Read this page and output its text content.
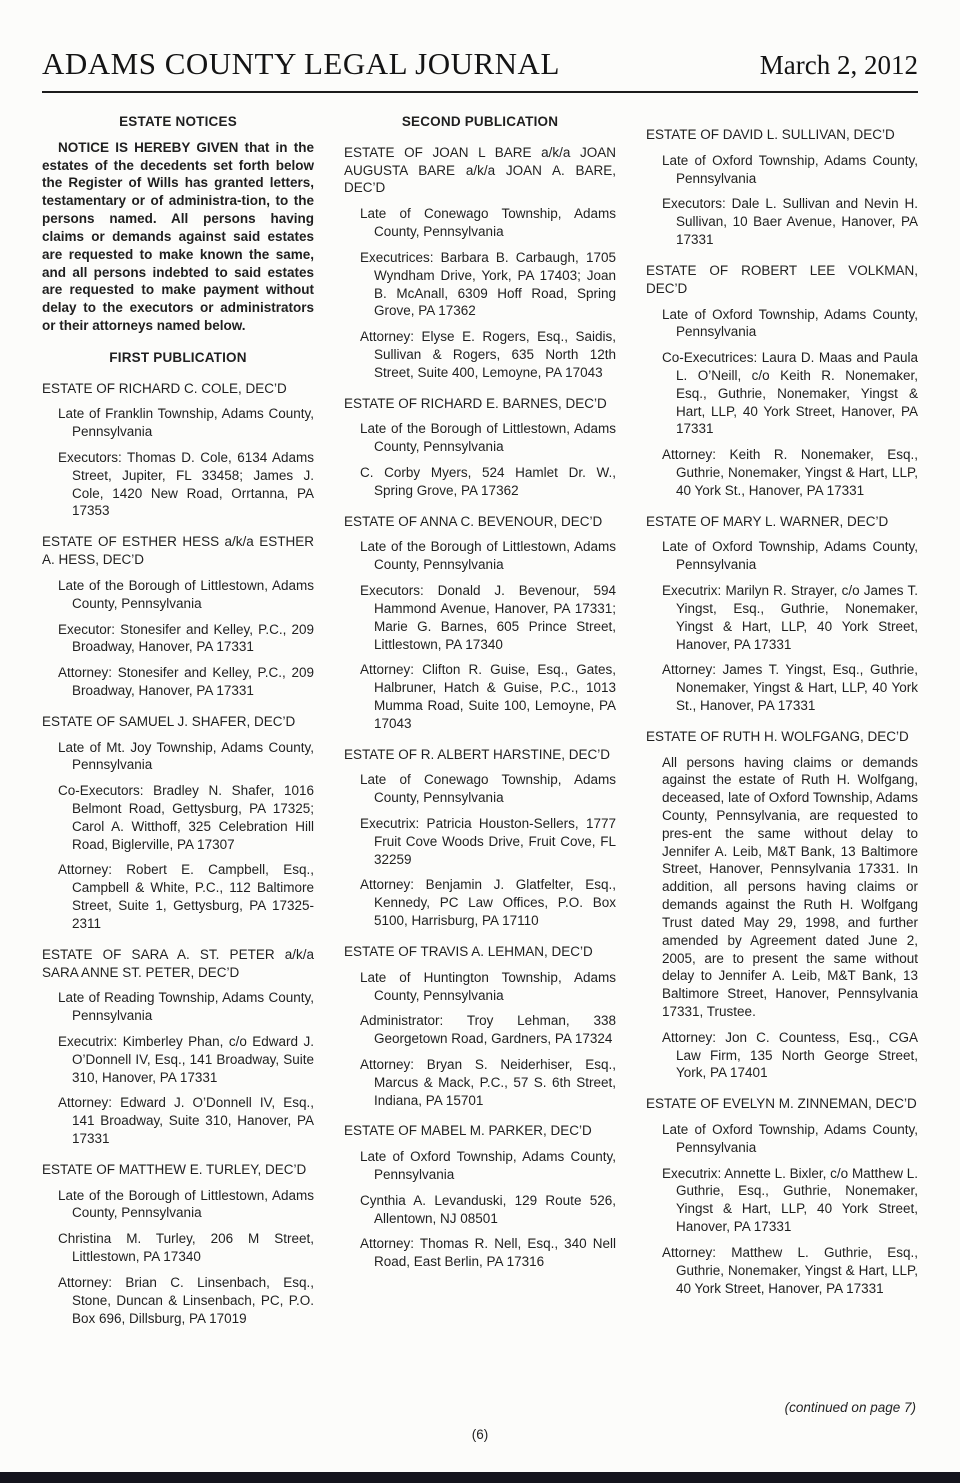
ADAMS COUNTY LEGAL JOURNAL	March 2, 2012
ESTATE NOTICES

NOTICE IS HEREBY GIVEN that in the estates of the decedents set forth below the Register of Wills has granted letters, testamentary or of administra-tion, to the persons named. All persons having claims or demands against said estates are requested to make known the same, and all persons indebted to said estates are requested to make payment without delay to the executors or administrators or their attorneys named below.

FIRST PUBLICATION
ESTATE OF RICHARD C. COLE, DEC’D

Late of Franklin Township, Adams County, Pennsylvania

Executors: Thomas D. Cole, 6134 Adams Street, Jupiter, FL 33458; James J. Cole, 1420 New Road, Orrtanna, PA 17353

ESTATE OF ESTHER HESS a/k/a ESTHER A. HESS, DEC’D

Late of the Borough of Littlestown, Adams County, Pennsylvania

Executor: Stonesifer and Kelley, P.C., 209 Broadway, Hanover, PA 17331

Attorney: Stonesifer and Kelley, P.C., 209 Broadway, Hanover, PA 17331

ESTATE OF SAMUEL J. SHAFER, DEC’D

Late of Mt. Joy Township, Adams County, Pennsylvania

Co-Executors: Bradley N. Shafer, 1016 Belmont Road, Gettysburg, PA 17325; Carol A. Witthoff, 325 Celebration Hill Road, Biglerville, PA 17307

Attorney: Robert E. Campbell, Esq., Campbell & White, P.C., 112 Baltimore Street, Suite 1, Gettysburg, PA 17325-2311

ESTATE OF SARA A. ST. PETER a/k/a SARA ANNE ST. PETER, DEC’D

Late of Reading Township, Adams County, Pennsylvania

Executrix: Kimberley Phan, c/o Edward J. O’Donnell IV, Esq., 141 Broadway, Suite 310, Hanover, PA 17331

Attorney: Edward J. O’Donnell IV, Esq., 141 Broadway, Suite 310, Hanover, PA 17331

ESTATE OF MATTHEW E. TURLEY, DEC’D

Late of the Borough of Littlestown, Adams County, Pennsylvania

Christina M. Turley, 206 M Street, Littlestown, PA 17340

Attorney: Brian C. Linsenbach, Esq., Stone, Duncan & Linsenbach, PC, P.O. Box 696, Dillsburg, PA 17019

SECOND PUBLICATION
ESTATE OF JOAN L BARE a/k/a JOAN AUGUSTA BARE a/k/a JOAN A. BARE, DEC’D

Late of Conewago Township, Adams County, Pennsylvania

Executrices: Barbara B. Carbaugh, 1705 Wyndham Drive, York, PA 17403; Joan B. McAnall, 6309 Hoff Road, Spring Grove, PA 17362

Attorney: Elyse E. Rogers, Esq., Saidis, Sullivan & Rogers, 635 North 12th Street, Suite 400, Lemoyne, PA 17043

ESTATE OF RICHARD E. BARNES, DEC’D

Late of the Borough of Littlestown, Adams County, Pennsylvania

C. Corby Myers, 524 Hamlet Dr. W., Spring Grove, PA 17362

ESTATE OF ANNA C. BEVENOUR, DEC’D

Late of the Borough of Littlestown, Adams County, Pennsylvania

Executors: Donald J. Bevenour, 594 Hammond Avenue, Hanover, PA 17331; Marie G. Barnes, 605 Prince Street, Littlestown, PA 17340

Attorney: Clifton R. Guise, Esq., Gates, Halbruner, Hatch & Guise, P.C., 1013 Mumma Road, Suite 100, Lemoyne, PA 17043

ESTATE OF R. ALBERT HARSTINE, DEC’D

Late of Conewago Township, Adams County, Pennsylvania

Executrix: Patricia Houston-Sellers, 1777 Fruit Cove Woods Drive, Fruit Cove, FL 32259

Attorney: Benjamin J. Glatfelter, Esq., Kennedy, PC Law Offices, P.O. Box 5100, Harrisburg, PA 17110

ESTATE OF TRAVIS A. LEHMAN, DEC’D

Late of Huntington Township, Adams County, Pennsylvania

Administrator: Troy Lehman, 338 Georgetown Road, Gardners, PA 17324

Attorney: Bryan S. Neiderhiser, Esq., Marcus & Mack, P.C., 57 S. 6th Street, Indiana, PA 15701

ESTATE OF MABEL M. PARKER, DEC’D

Late of Oxford Township, Adams County, Pennsylvania

Cynthia A. Levanduski, 129 Route 526, Allentown, NJ 08501

Attorney: Thomas R. Nell, Esq., 340 Nell Road, East Berlin, PA 17316

ESTATE OF DAVID L. SULLIVAN, DEC’D

Late of Oxford Township, Adams County, Pennsylvania

Executors: Dale L. Sullivan and Nevin H. Sullivan, 10 Baer Avenue, Hanover, PA 17331

ESTATE OF ROBERT LEE VOLKMAN, DEC’D

Late of Oxford Township, Adams County, Pennsylvania

Co-Executrices: Laura D. Maas and Paula L. O’Neill, c/o Keith R. Nonemaker, Esq., Guthrie, Nonemaker, Yingst & Hart, LLP, 40 York Street, Hanover, PA 17331

Attorney: Keith R. Nonemaker, Esq., Guthrie, Nonemaker, Yingst & Hart, LLP, 40 York St., Hanover, PA 17331

ESTATE OF MARY L. WARNER, DEC’D

Late of Oxford Township, Adams County, Pennsylvania

Executrix: Marilyn R. Strayer, c/o James T. Yingst, Esq., Guthrie, Nonemaker, Yingst & Hart, LLP, 40 York Street, Hanover, PA 17331

Attorney: James T. Yingst, Esq., Guthrie, Nonemaker, Yingst & Hart, LLP, 40 York St., Hanover, PA 17331

ESTATE OF RUTH H. WOLFGANG, DEC’D

All persons having claims or demands against the estate of Ruth H. Wolfgang, deceased, late of Oxford Township, Adams County, Pennsylvania, are requested to pres-ent the same without delay to Jennifer A. Leib, M&T Bank, 13 Baltimore Street, Hanover, Pennsylvania 17331. In addition, all persons having claims or demands against the Ruth H. Wolfgang Trust dated May 29, 1998, and further amended by Agreement dated June 2, 2005, are to present the same without delay to Jennifer A. Leib, M&T Bank, 13 Baltimore Street, Hanover, Pennsylvania 17331, Trustee.

Attorney: Jon C. Countess, Esq., CGA Law Firm, 135 North George Street, York, PA 17401

ESTATE OF EVELYN M. ZINNEMAN, DEC’D

Late of Oxford Township, Adams County, Pennsylvania

Executrix: Annette L. Bixler, c/o Matthew L. Guthrie, Esq., Guthrie, Nonemaker, Yingst & Hart, LLP, 40 York Street, Hanover, PA 17331

Attorney: Matthew L. Guthrie, Esq., Guthrie, Nonemaker, Yingst & Hart, LLP, 40 York Street, Hanover, PA 17331

(continued on page 7)
(6)
